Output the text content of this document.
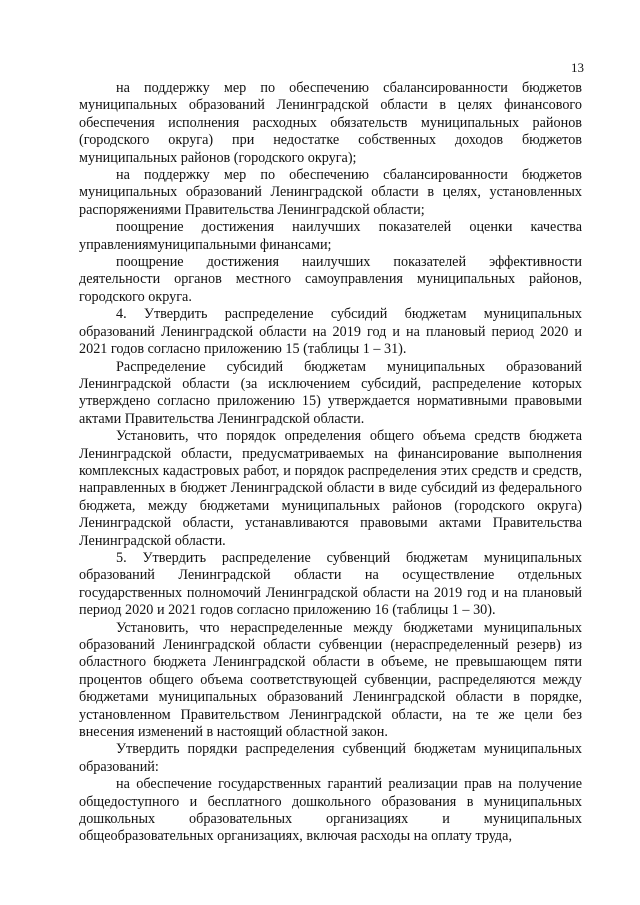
13

на поддержку мер по обеспечению сбалансированности бюджетов муниципальных образований Ленинградской области в целях финансового обеспечения исполнения расходных обязательств муниципальных районов (городского округа) при недостатке собственных доходов бюджетов муниципальных районов (городского округа);

на поддержку мер по обеспечению сбалансированности бюджетов муниципальных образований Ленинградской области в целях, установленных распоряжениями Правительства Ленинградской области;

поощрение достижения наилучших показателей оценки качества управлениямуниципальными финансами;

поощрение достижения наилучших показателей эффективности деятельности органов местного самоуправления муниципальных районов, городского округа.

4. Утвердить распределение субсидий бюджетам муниципальных образований Ленинградской области на 2019 год и на плановый период 2020 и 2021 годов согласно приложению 15 (таблицы 1 – 31).

Распределение субсидий бюджетам муниципальных образований Ленинградской области (за исключением субсидий, распределение которых утверждено согласно приложению 15) утверждается нормативными правовыми актами Правительства Ленинградской области.

Установить, что порядок определения общего объема средств бюджета Ленинградской области, предусматриваемых на финансирование выполнения комплексных кадастровых работ, и порядок распределения этих средств и средств, направленных в бюджет Ленинградской области в виде субсидий из федерального бюджета, между бюджетами муниципальных районов (городского округа) Ленинградской области, устанавливаются правовыми актами Правительства Ленинградской области.

5. Утвердить распределение субвенций бюджетам муниципальных образований Ленинградской области на осуществление отдельных государственных полномочий Ленинградской области на 2019 год и на плановый период 2020 и 2021 годов согласно приложению 16 (таблицы 1 – 30).

Установить, что нераспределенные между бюджетами муниципальных образований Ленинградской области субвенции (нераспределенный резерв) из областного бюджета Ленинградской области в объеме, не превышающем пяти процентов общего объема соответствующей субвенции, распределяются между бюджетами муниципальных образований Ленинградской области в порядке, установленном Правительством Ленинградской области, на те же цели без внесения изменений в настоящий областной закон.

Утвердить порядки распределения субвенций бюджетам муниципальных образований:

на обеспечение государственных гарантий реализации прав на получение общедоступного и бесплатного дошкольного образования в муниципальных дошкольных образовательных организациях и муниципальных общеобразовательных организациях, включая расходы на оплату труда,
